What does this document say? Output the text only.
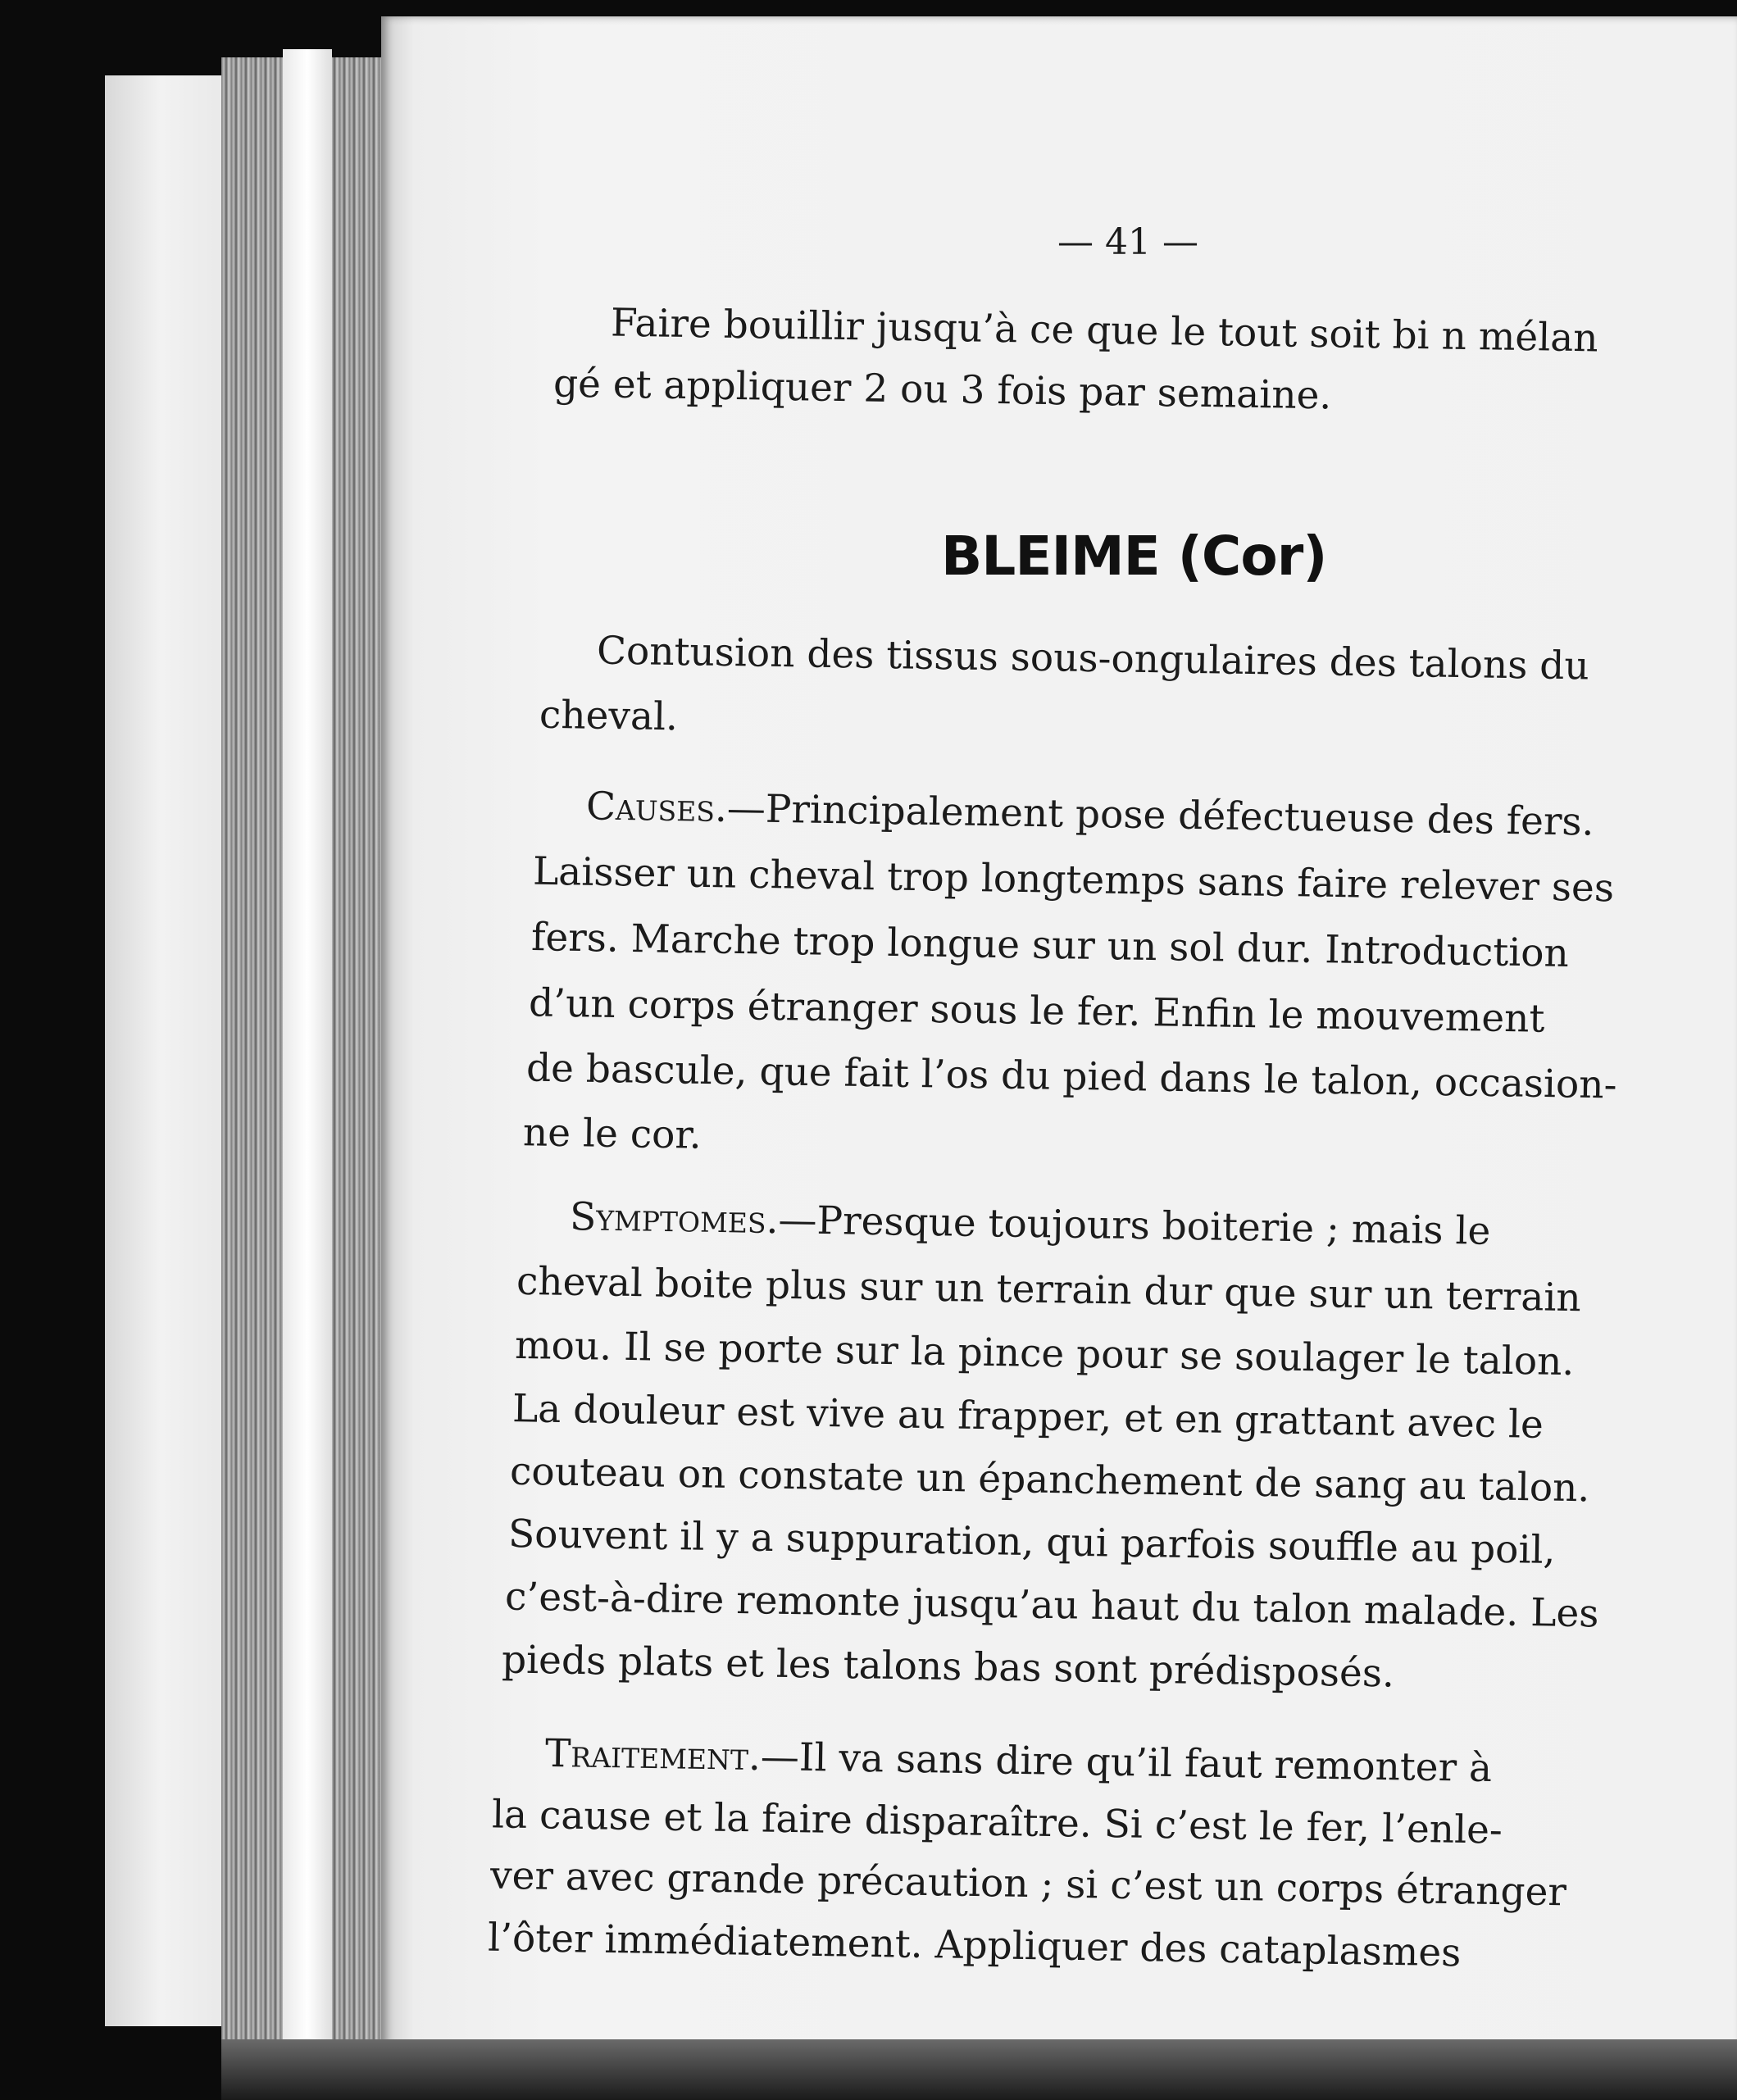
— 41 —
Faire bouillir jusqu’à ce que le tout soit bi n mélan
gé et appliquer 2 ou 3 fois par semaine.
BLEIME (Cor)
Contusion des tissus sous-ongulaires des talons du
cheval.
Causes.—Principalement pose défectueuse des fers.
Laisser un cheval trop longtemps sans faire relever ses
fers. Marche trop longue sur un sol dur. Introduction
d’un corps étranger sous le fer. Enfin le mouvement
de bascule, que fait l’os du pied dans le talon, occasion-
ne le cor.
Symptomes.—Presque toujours boiterie ; mais le
cheval boite plus sur un terrain dur que sur un terrain
mou. Il se porte sur la pince pour se soulager le talon.
La douleur est vive au frapper, et en grattant avec le
couteau on constate un épanchement de sang au talon.
Souvent il y a suppuration, qui parfois souffle au poil,
c’est-à-dire remonte jusqu’au haut du talon malade. Les
pieds plats et les talons bas sont prédisposés.
Traitement.—Il va sans dire qu’il faut remonter à
la cause et la faire disparaître. Si c’est le fer, l’enle-
ver avec grande précaution ; si c’est un corps étranger
l’ôter immédiatement. Appliquer des cataplasmes
